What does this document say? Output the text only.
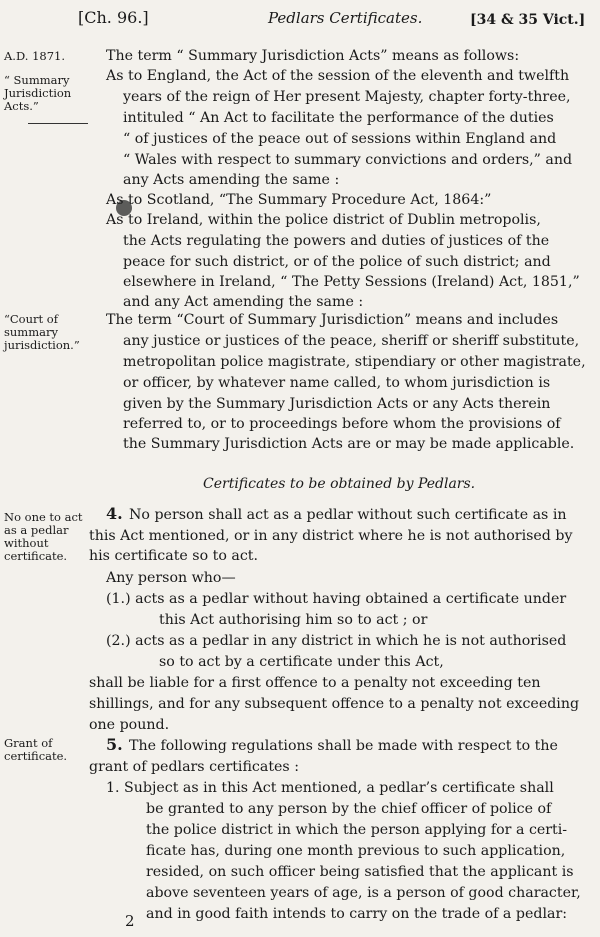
[Ch. 96.]	Pedlars Certificates.	[34 & 35 Vict.]
A.D. 1871.
“ Summary Jurisdiction Acts.”
“Court of summary jurisdiction.”
No one to act as a pedlar without certificate.
Grant of certificate.
The term “ Summary Jurisdiction Acts” means as follows:
As to England, the Act of the session of the eleventh and twelfth
years of the reign of Her present Majesty, chapter forty-three,
intituled “ An Act to facilitate the performance of the duties
“ of justices of the peace out of sessions within England and
“ Wales with respect to summary convictions and orders,” and
any Acts amending the same :
As to Scotland, “The Summary Procedure Act, 1864:”
As to Ireland, within the police district of Dublin metropolis,
the Acts regulating the powers and duties of justices of the
peace for such district, or of the police of such district; and
elsewhere in Ireland, “ The Petty Sessions (Ireland) Act, 1851,”
and any Act amending the same :
The term “Court of Summary Jurisdiction” means and includes
any justice or justices of the peace, sheriff or sheriff substitute,
metropolitan police magistrate, stipendiary or other magistrate,
or officer, by whatever name called, to whom jurisdiction is
given by the Summary Jurisdiction Acts or any Acts therein
referred to, or to proceedings before whom the provisions of
the Summary Jurisdiction Acts are or may be made applicable.
Certificates to be obtained by Pedlars.
4. No person shall act as a pedlar without such certificate as in
this Act mentioned, or in any district where he is not authorised by
his certificate so to act.
Any person who—
(1.) acts as a pedlar without having obtained a certificate under
this Act authorising him so to act ; or
(2.) acts as a pedlar in any district in which he is not authorised
so to act by a certificate under this Act,
shall be liable for a first offence to a penalty not exceeding ten
shillings, and for any subsequent offence to a penalty not exceeding
one pound.
5. The following regulations shall be made with respect to the
grant of pedlars certificates :
1. Subject as in this Act mentioned, a pedlar’s certificate shall
be granted to any person by the chief officer of police of
the police district in which the person applying for a certi-
ficate has, during one month previous to such application,
resided, on such officer being satisfied that the applicant is
above seventeen years of age, is a person of good character,
and in good faith intends to carry on the trade of a pedlar:
2
